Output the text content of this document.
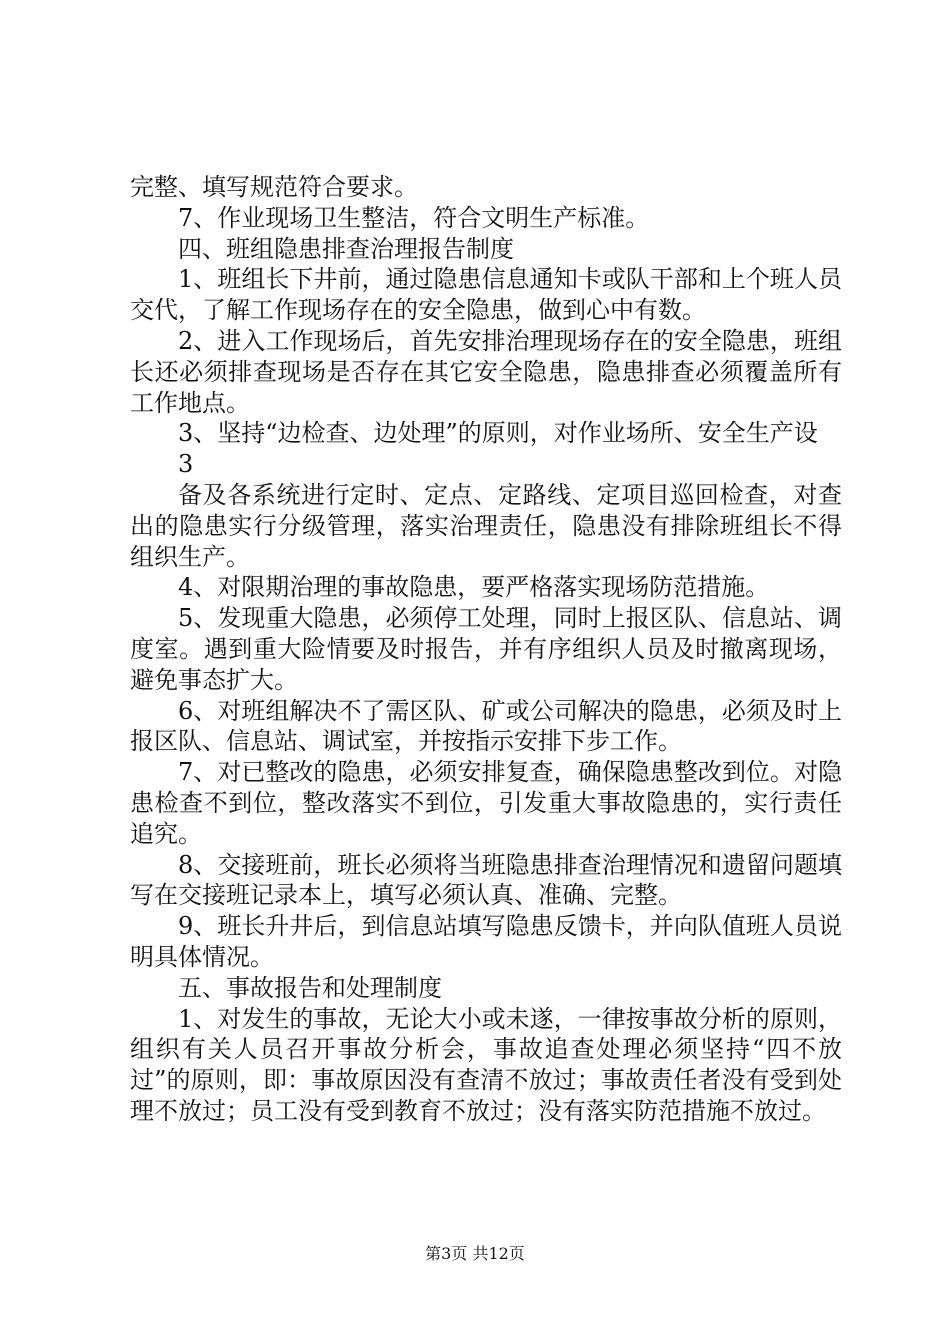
完整、填写规范符合要求。

7、作业现场卫生整洁，符合文明生产标准。

四、班组隐患排查治理报告制度

1、班组长下井前，通过隐患信息通知卡或队干部和上个班人员交代，了解工作现场存在的安全隐患，做到心中有数。

2、进入工作现场后，首先安排治理现场存在的安全隐患，班组长还必须排查现场是否存在其它安全隐患，隐患排查必须覆盖所有工作地点。

3、坚持“边检查、边处理”的原则，对作业场所、安全生产设

3

备及各系统进行定时、定点、定路线、定项目巡回检查，对查出的隐患实行分级管理，落实治理责任，隐患没有排除班组长不得组织生产。

4、对限期治理的事故隐患，要严格落实现场防范措施。

5、发现重大隐患，必须停工处理，同时上报区队、信息站、调度室。遇到重大险情要及时报告，并有序组织人员及时撤离现场，避免事态扩大。

6、对班组解决不了需区队、矿或公司解决的隐患，必须及时上报区队、信息站、调试室，并按指示安排下步工作。

7、对已整改的隐患，必须安排复查，确保隐患整改到位。对隐患检查不到位，整改落实不到位，引发重大事故隐患的，实行责任追究。

8、交接班前，班长必须将当班隐患排查治理情况和遗留问题填写在交接班记录本上，填写必须认真、准确、完整。

9、班长升井后，到信息站填写隐患反馈卡，并向队值班人员说明具体情况。

五、事故报告和处理制度

1、对发生的事故，无论大小或未遂，一律按事故分析的原则，组织有关人员召开事故分析会，事故追查处理必须坚持“四不放过”的原则，即：事故原因没有查清不放过；事故责任者没有受到处理不放过；员工没有受到教育不放过；没有落实防范措施不放过。

第3页 共12页
